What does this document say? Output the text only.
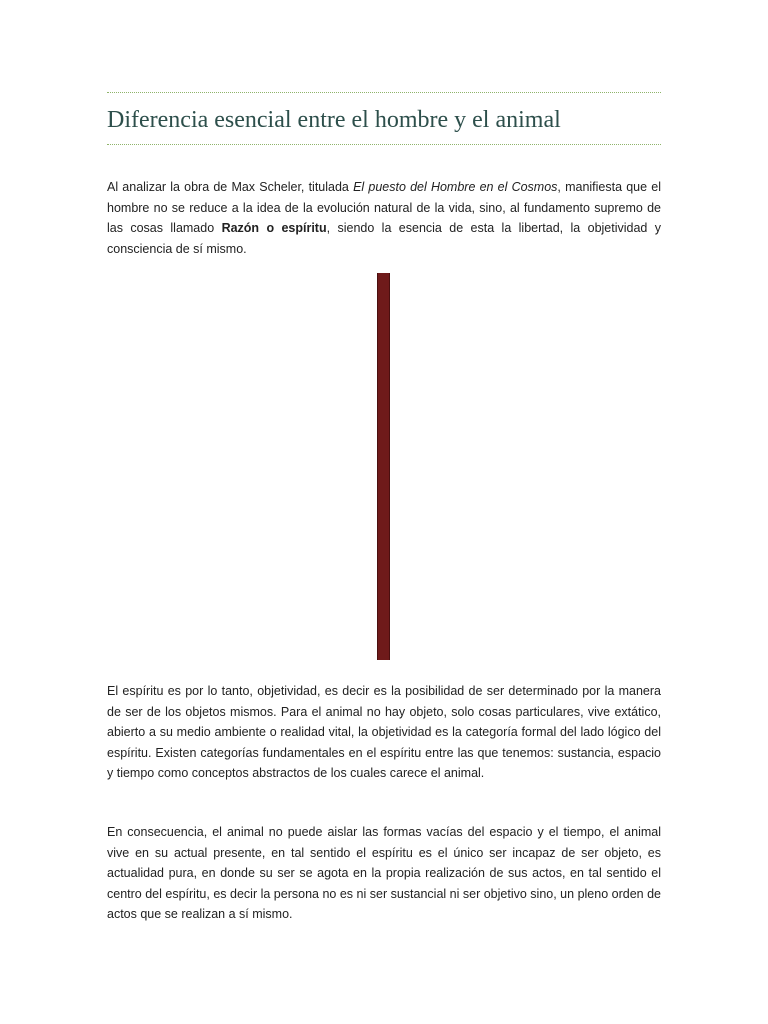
Diferencia esencial entre el hombre y el animal

Al analizar la obra de Max Scheler, titulada El puesto del Hombre en el Cosmos, manifiesta que el hombre no se reduce a la idea de la evolución natural de la vida, sino, al fundamento supremo de las cosas llamado Razón o espíritu, siendo la esencia de esta la libertad, la objetividad y consciencia de sí mismo.

El espíritu es por lo tanto, objetividad, es decir es la posibilidad de ser determinado por la manera de ser de los objetos mismos. Para el animal no hay objeto, solo cosas particulares, vive extático, abierto a su medio ambiente o realidad vital, la objetividad es la categoría formal del lado lógico del espíritu. Existen categorías fundamentales en el espíritu entre las que tenemos: sustancia, espacio y tiempo como conceptos abstractos de los cuales carece el animal.

En consecuencia, el animal no puede aislar las formas vacías del espacio y el tiempo, el animal vive en su actual presente, en tal sentido el espíritu es el único ser incapaz de ser objeto, es actualidad pura, en donde su ser se agota en la propia realización de sus actos, en tal sentido el centro del espíritu, es decir la persona no es ni ser sustancial ni ser objetivo sino, un pleno orden de actos que se realizan a sí mismo.
